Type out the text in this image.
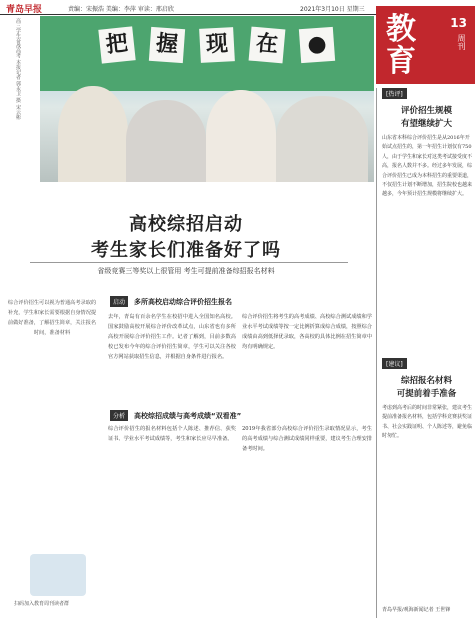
青岛早报	责编：宋振浩 美编：李萍 审读：邢启欣	2021年3月10日 星期三
教育
13
周刊
高三学生奋战高考 本报记者 郭永卫 摄 宋云彬	把 握 现 在	●
高校综招启动
考生家长们准备好了吗
省级竞赛三等奖以上很管用 考生可提前准备综招报名材料
启动 多所高校启动综合评价招生报名
分析 高校综招成绩与高考成绩“双看准”
综合评价招生可以视为普通高考录取的补充，学生和家长需要根据自身情况提前做好准备，了解招生简章，关注报名时间，准备材料
扫码加入教育周刊读者群
去年，青岛有百余名学生在校招中进入全国知名高校。国家鼓励高校开展综合评价改革试点，山东省也有多所高校开展综合评价招生工作。记者了解到，目前多数高校已发布今年的综合评价招生简章，学生可以关注各校官方网站获取招生信息，并根据自身条件进行报名。
综合评价招生将考生的高考成绩、高校综合测试成绩和学业水平考试成绩等按一定比例折算成综合成绩，按照综合成绩由高到低择优录取，各高校的具体比例在招生简章中均有明确规定。
综合评价招生的报名材料包括个人陈述、推荐信、获奖证书、学业水平考试成绩等，考生和家长应尽早准备。
2019年我省部分高校综合评价招生录取情况显示，考生的高考成绩与综合测试成绩同样重要，建议考生合理安排备考时间。
[热评]
评价招生规模
有望继续扩大
山东省本科综合评价招生是从2016年开始试点招生的，第一年招生计划仅有750人，由于学生和家长对这类考试接受度不高，报名人数并不多。经过多年发展，综合评价招生已成为本科招生的重要渠道，不仅招生计划不断增加，招生院校也越来越多，今年预计招生规模将继续扩大。
[建议]
综招报名材料
可提前着手准备
考虑到高考后的时间非常紧张，建议考生提前准备报名材料，包括学科竞赛获奖证书、社会实践证明、个人陈述等，避免临时匆忙。
青岛早报/观海新闻记者 王世锋
